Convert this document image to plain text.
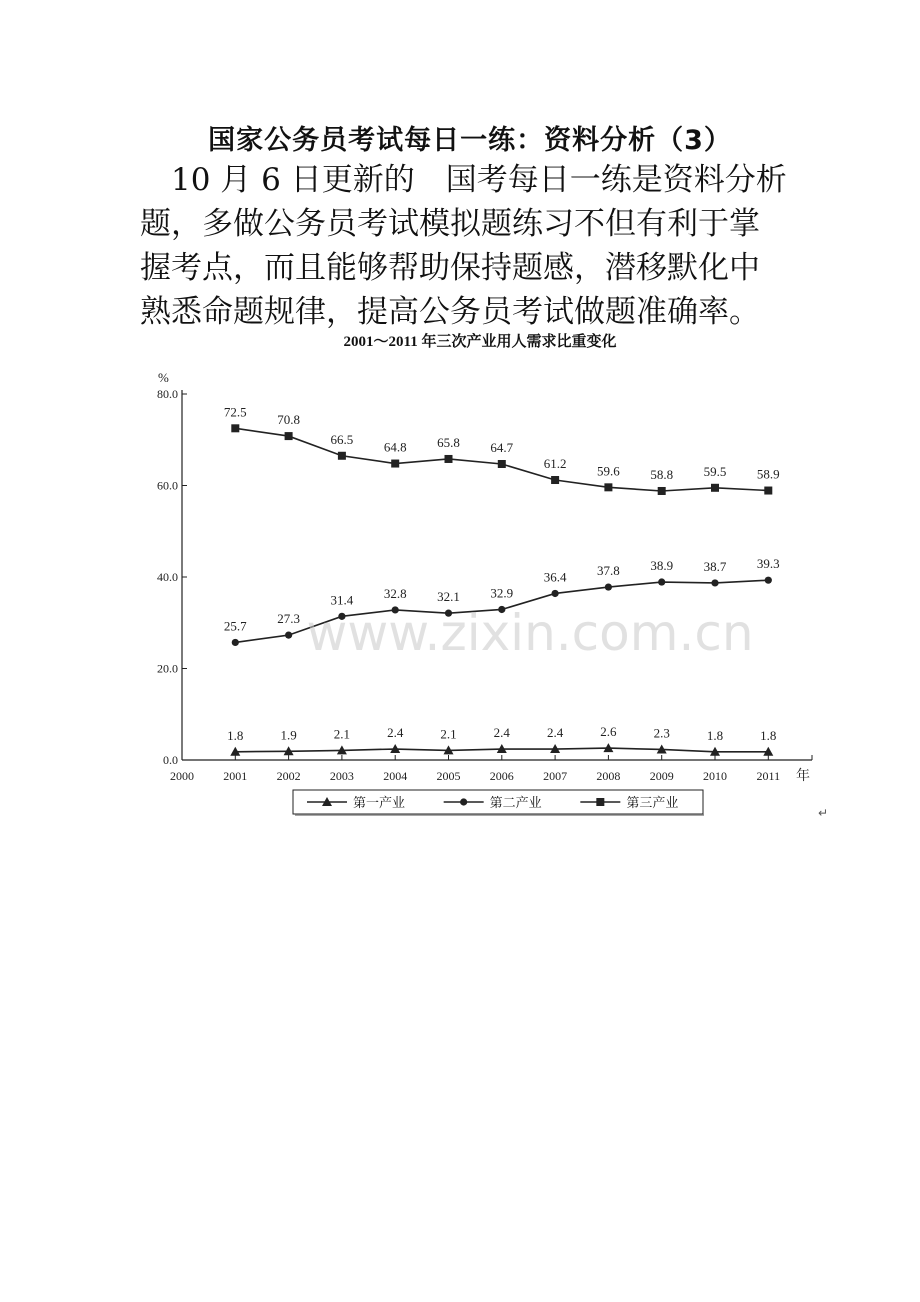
国家公务员考试每日一练：资料分析（3）
　10 月 6 日更新的　国考每日一练是资料分析
题，多做公务员考试模拟题练习不但有利于掌
握考点，而且能够帮助保持题感，潜移默化中
熟悉命题规律，提高公务员考试做题准确率。
2001～2011 年三次产业用人需求比重变化
%
0.0
20.0
40.0
60.0
80.0
2000 2001 2002 2003 2004 2005 2006 2007 2008 2009 2010 2011 年
1.8	1.9	2.1	2.4	2.1	2.4	2.4	2.6	2.3	1.8	1.8
25.7 27.3
31.4 32.8 32.1 32.9
36.4 37.8 38.9 38.7 39.3
72.5
70.8
66.5
64.8 65.8 64.7
61.2 59.6 58.8 59.5 58.9
www.zixin.com.cn
第一产业	第二产业	第三产业
↵
